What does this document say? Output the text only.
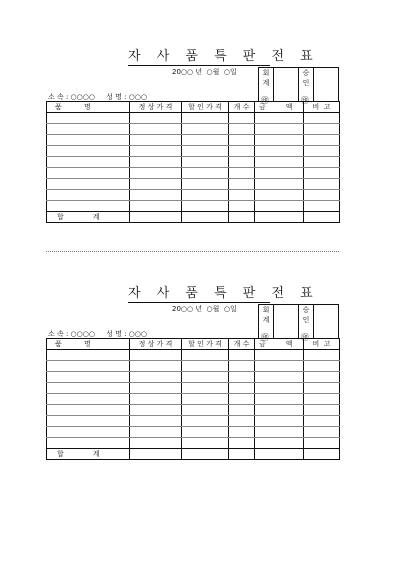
자 사 품 특 판 전 표
20○○ 년  ○월  ○일
소 속 : ○○○○     성 명 : ○○○
회
계
㊞
승
인
㊞
품          명	정 상 가 격	할 인 가 격	개 수	금         액	비  고

합             계					
자 사 품 특 판 전 표
20○○ 년  ○월  ○일
소 속 : ○○○○     성 명 : ○○○
회
계
㊞
승
인
㊞
품          명	정 상 가 격	할 인 가 격	개 수	금         액	비  고

합             계					
